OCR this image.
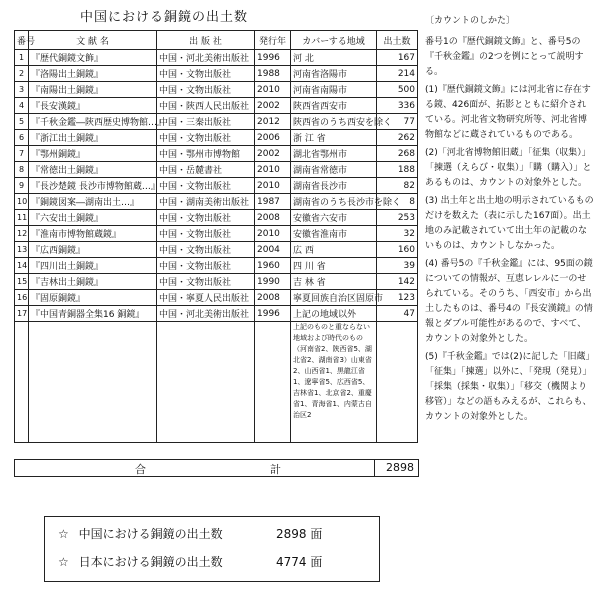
中国における銅鏡の出土数
番号	文 献 名	出 版 社	発行年	カバーする地域	出土数
1	『歴代銅鏡文飾』	中国・河北美術出版社	1996	河 北	167
2	『洛陽出土銅鏡』	中国・文物出版社	1988	河南省洛陽市	214
3	『南陽出土銅鏡』	中国・文物出版社	2010	河南省南陽市	500
4	『長安漢鏡』	中国・陝西人民出版社	2002	陝西省西安市	336
5	『千秋金鑑―陝西歴史博物館…』	中国・三秦出版社	2012	陝西省のうち西安を除く	77
6	『浙江出土銅鏡』	中国・文物出版社	2006	浙 江 省	262
7	『鄂州銅鏡』	中国・鄂州市博物館	2002	湖北省鄂州市	268
8	『常徳出土銅鏡』	中国・岳麓書社	2010	湖南省常徳市	188
9	『長沙楚鏡 長沙市博物館蔵…』	中国・文物出版社	2010	湖南省長沙市	82
10	『銅鏡図案―湖南出土…』	中国・湖南美術出版社	1987	湖南省のうち長沙市を除く	8
11	『六安出土銅鏡』	中国・文物出版社	2008	安徽省六安市	253
12	『淮南市博物館蔵鏡』	中国・文物出版社	2010	安徽省淮南市	32
13	『広西銅鏡』	中国・文物出版社	2004	広 西	160
14	『四川出土銅鏡』	中国・文物出版社	1960	四 川 省	39
15	『吉林出土銅鏡』	中国・文物出版社	1990	吉 林 省	142
16	『固原銅鏡』	中国・寧夏人民出版社	2008	寧夏回族自治区固原市	123
17	『中国青銅器全集16 銅鏡』	中国・河北美術出版社	1996	上記の地域以外	47
				上記のものと重ならない地域および時代のもの（河南省2、陝西省5、湖北省2、湖南省3）山東省2、山西省1、黒龍江省1、遼寧省5、広西省5、吉林省1、北京省2、重慶省1、青海省1、内蒙古自治区2	
合	計	2898
☆ 中国における銅鏡の出土数	2898 面
☆ 日本における銅鏡の出土数	4774 面
〔カウントのしかた〕

番号1の『歴代銅鏡文飾』と、番号5の『千秋金鑑』の2つを例にとって説明する。

(1)『歴代銅鏡文飾』には河北省に存在する鏡、426面が、拓影とともに紹介されている。河北省文物研究所等、河北省博物館などに蔵されているものである。

(2)「河北省博物館旧蔵」「征集（収集）」「揀選（えらび・収集）」「購（購入）」とあるものは、カウントの対象外とした。

(3) 出土年と出土地の明示されているものだけを数えた（表に示した167面）。出土地のみ記載されていて出土年の記載のないものは、カウントしなかった。

(4) 番号5の『千秋金鑑』には、95面の鏡についての情報が、互恵レレルに一のせられている。そのうち、「西安市」から出土したものは、番号4の『長安漢鏡』の情報とダブル可能性があるので、すべて、カウントの対象外とした。

(5)『千秋金鑑』では(2)に記した「旧蔵」「征集」「揀選」以外に、「発現（発見）」「採集（採集・収集）」「移交（機関より移管）」などの語もみえるが、これらも、カウントの対象外とした。
